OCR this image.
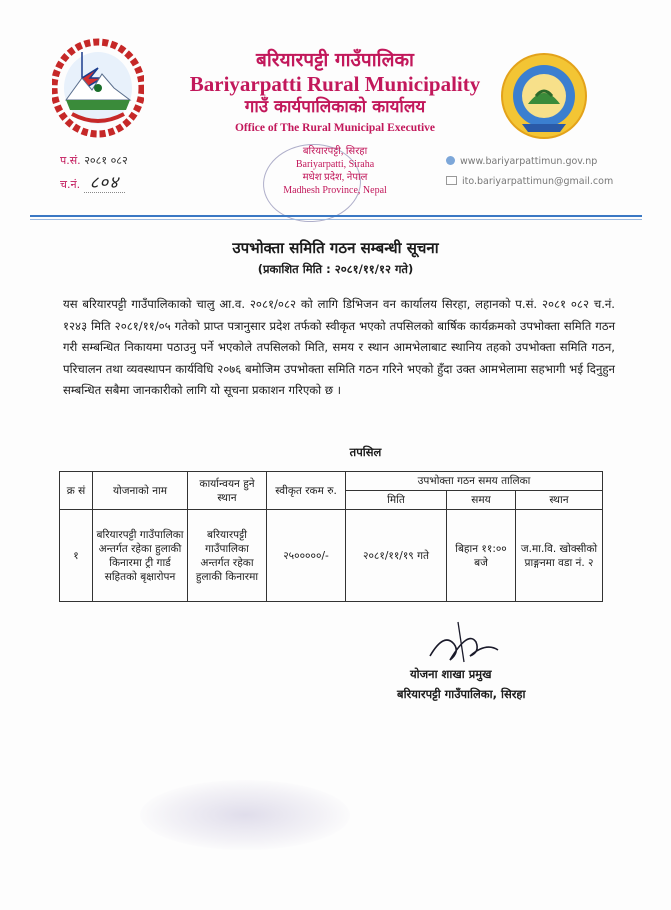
बरियारपट्टी गाउँपालिका
Bariyarpatti Rural Municipality
गाउँ कार्यपालिकाको कार्यालय
Office of The Rural Municipal Executive
प.सं. २०८१ ०८२
च.नं. ८०४
बरियारपट्टी, सिरहा
Bariyarpatti, Siraha
मधेश प्रदेश, नेपाल
Madhesh Province, Nepal
www.bariyarpattimun.gov.np
ito.bariyarpattimun@gmail.com
उपभोक्ता समिति गठन सम्बन्धी सूचना
(प्रकाशित मिति : २०८१/११/१२ गते)
यस बरियारपट्टी गाउँपालिकाको चालु आ.व. २०८१/०८२ को लागि डिभिजन वन कार्यालय सिरहा, लहानको प.सं. २०८१ ०८२ च.नं. १२४३ मिति २०८१/११/०५ गतेको प्राप्त पत्रानुसार प्रदेश तर्फको स्वीकृत भएको तपसिलको बार्षिक कार्यक्रमको उपभोक्ता समिति गठन गरी सम्बन्धित निकायमा पठाउनु पर्ने भएकोले तपसिलको मिति, समय र स्थान आमभेलाबाट स्थानिय तहको उपभोक्ता समिति गठन, परिचालन तथा व्यवस्थापन कार्यविधि २०७६ बमोजिम उपभोक्ता समिति गठन गरिने भएको हुँदा उक्त आमभेलामा सहभागी भई दिनुहुन सम्बन्धित सबैमा जानकारीको लागि यो सूचना प्रकाशन गरिएको छ ।
तपसिल
क्र सं	योजनाको नाम	कार्यान्वयन हुने स्थान	स्वीकृत रकम रु.	उपभोक्ता गठन समय तालिका		
				मिति	समय	स्थान
१	बरियारपट्टी गाउँपालिका अन्तर्गत रहेका हुलाकी किनारमा ट्री गार्ड सहितको बृक्षारोपन	बरियारपट्टी गाउँपालिका अन्तर्गत रहेका हुलाकी किनारमा	२५०००००/-	२०८१/११/१९ गते	बिहान ११:०० बजे	ज.मा.वि. खोक्सीको प्राङ्गनमा वडा नं. २
योजना शाखा प्रमुख
बरियारपट्टी गाउँपालिका, सिरहा
